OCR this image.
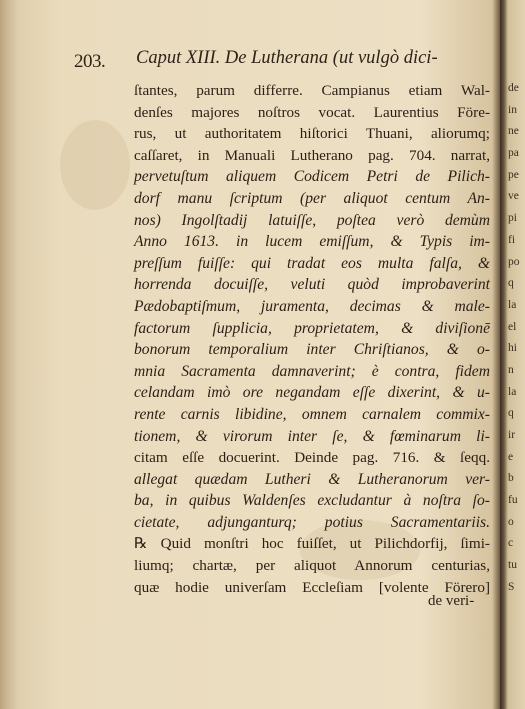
203. Caput XIII. De Lutherana (ut vulgò dici-
ſtantes, parum differre. Campianus etiam Wal-
denſes majores noſtros vocat. Laurentius Före-
rus, ut authoritatem hiſtorici Thuani, aliorumq;
caſſaret, in Manuali Lutherano pag. 704. narrat,
pervetuſtum aliquem Codicem Petri de Pilich-
dorf manu ſcriptum (per aliquot centum An-
nos) Ingolſtadij latuiſſe, poſtea verò demùm
Anno 1613. in lucem emiſſum, & Typis im-
preſſum fuiſſe: qui tradat eos multa falſa, &
horrenda docuiſſe, veluti quòd improbaverint
Pædobaptiſmum, juramenta, decimas & male-
factorum ſupplicia, proprietatem, & diviſionē
bonorum temporalium inter Chriſtianos, & o-
mnia Sacramenta damnaverint; è contra, fidem
celandam imò ore negandam eſſe dixerint, & u-
rente carnis libidine, omnem carnalem commix-
tionem, & virorum inter ſe, & fœminarum li-
citam eſſe docuerint. Deinde pag. 716. & ſeqq.
allegat quædam Lutheri & Lutheranorum ver-
ba, in quibus Waldenſes excludantur à noſtra ſo-
cietate, adjunganturq; potius Sacramentariis.
℞ Quid monſtri hoc fuiſſet, ut Pilichdorfij, ſimi-
liumq; chartæ, per aliquot Annorum centurias,
quæ hodie univerſam Eccleſiam [volente Förero]
de veri-
de
in
ne
pa
pe
ve
pi
fi
po
q
la
el
hi
n
la
q
ir
e
b
fu
o
c
tu
S
